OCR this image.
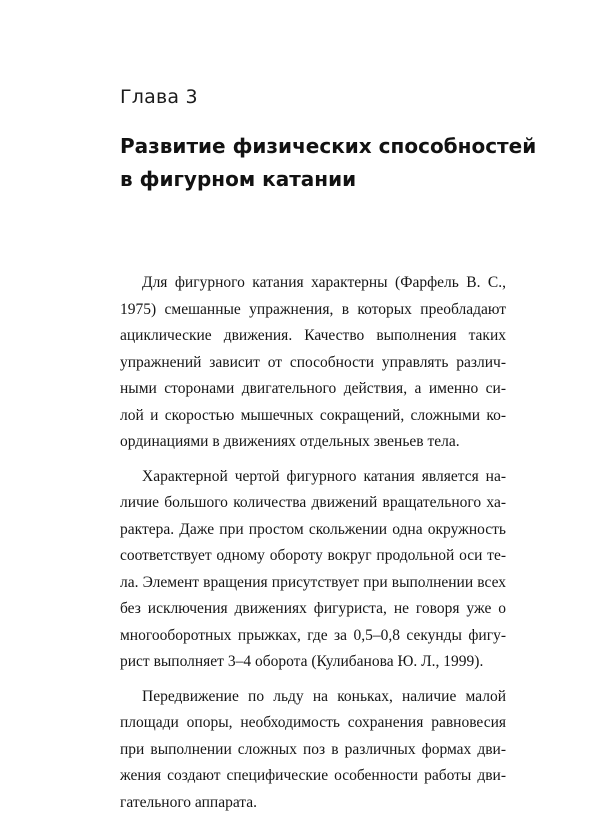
Глава 3
Развитие физических способностей
в фигурном катании
Для фигурного катания характерны (Фарфель В. С.,
1975) смешанные упражнения, в которых преобладают
ациклические движения. Качество выполнения таких
упражнений зависит от способности управлять различ-
ными сторонами двигательного действия, а именно си-
лой и скоростью мышечных сокращений, сложными ко-
ординациями в движениях отдельных звеньев тела.
Характерной чертой фигурного катания является на-
личие большого количества движений вращательного ха-
рактера. Даже при простом скольжении одна окружность
соответствует одному обороту вокруг продольной оси те-
ла. Элемент вращения присутствует при выполнении всех
без исключения движениях фигуриста, не говоря уже о
многооборотных прыжках, где за 0,5–0,8 секунды фигу-
рист выполняет 3–4 оборота (Кулибанова Ю. Л., 1999).
Передвижение по льду на коньках, наличие малой
площади опоры, необходимость сохранения равновесия
при выполнении сложных поз в различных формах дви-
жения создают специфические особенности работы дви-
гательного аппарата.
